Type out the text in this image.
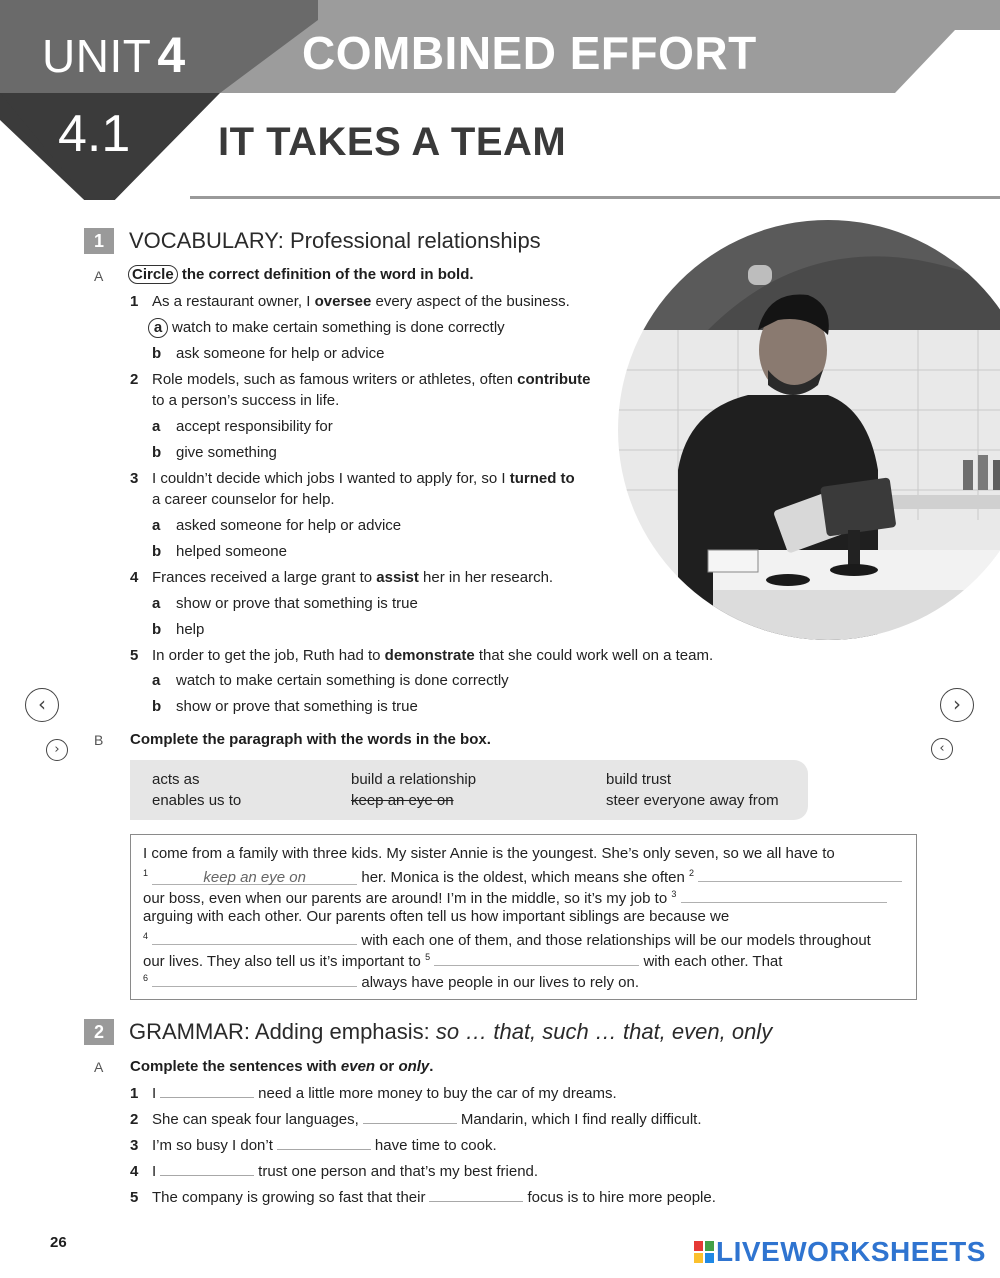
UNIT 4	COMBINED EFFORT
4.1 IT TAKES A TEAM
1	VOCABULARY: Professional relationships
A Circle the correct definition of the word in bold.
1 As a restaurant owner, I oversee every aspect of the business.
a watch to make certain something is done correctly
b ask someone for help or advice
2 Role models, such as famous writers or athletes, often contribute
to a person’s success in life.
a accept responsibility for
b give something
3 I couldn’t decide which jobs I wanted to apply for, so I turned to
a career counselor for help.
a asked someone for help or advice
b helped someone
4 Frances received a large grant to assist her in her research.
a show or prove that something is true
b help
5 In order to get the job, Ruth had to demonstrate that she could work well on a team.
a watch to make certain something is done correctly
b show or prove that something is true
‹	›
›	‹
B Complete the paragraph with the words in the box.
acts as	build a relationship	build trust
enables us to	keep an eye on	steer everyone away from
I come from a family with three kids. My sister Annie is the youngest. She’s only seven, so we all have to
$^1$	keep an eye on	her. Monica is the oldest, which means she often $^2$
our boss, even when our parents are around! I’m in the middle, so it’s my job to $^3$
arguing with each other. Our parents often tell us how important siblings are because we
$^4$	with each one of them, and those relationships will be our models throughout
our lives. They also tell us it’s important to $^5$	with each other. That
$^6$	always have people in our lives to rely on.
2	GRAMMAR: Adding emphasis: so … that, such … that, even, only
A Complete the sentences with even or only.
1 I	need a little more money to buy the car of my dreams.
2 She can speak four languages,	Mandarin, which I find really difficult.
3 I’m so busy I don’t	have time to cook.
4 I	trust one person and that’s my best friend.
5 The company is growing so fast that their	focus is to hire more people.
26	LIVEWORKSHEETS
